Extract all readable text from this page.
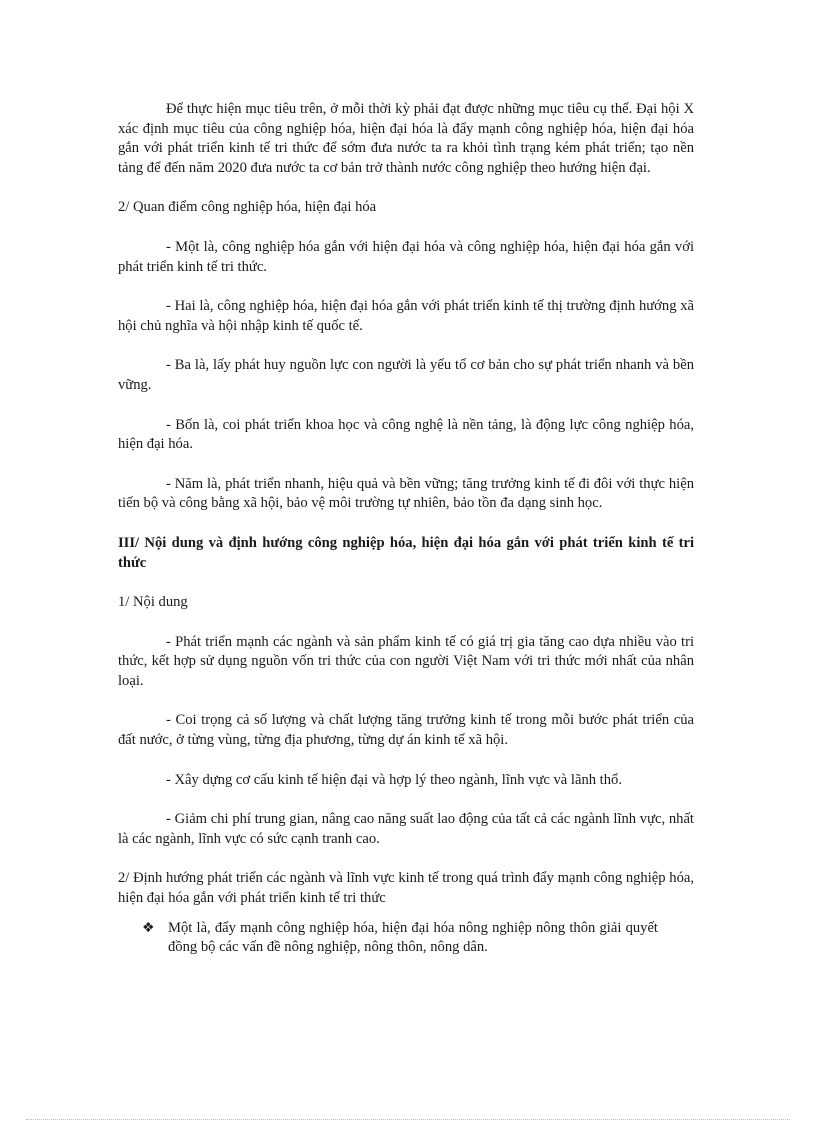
Để thực hiện mục tiêu trên, ở mỗi thời kỳ phải đạt được những mục tiêu cụ thể. Đại hội X xác định mục tiêu của công nghiệp hóa, hiện đại hóa là đẩy mạnh công nghiệp hóa, hiện đại hóa gắn với phát triển kinh tế tri thức để sớm đưa nước ta ra khỏi tình trạng kém phát triển; tạo nền tảng để đến năm 2020 đưa nước ta cơ bản trở thành nước công nghiệp theo hướng hiện đại.

2/ Quan điểm công nghiệp hóa, hiện đại hóa

- Một là, công nghiệp hóa gắn với hiện đại hóa và công nghiệp hóa, hiện đại hóa gắn với phát triển kinh tế tri thức.

- Hai là, công nghiệp hóa, hiện đại hóa gắn với phát triển kinh tế thị trường định hướng xã hội chủ nghĩa và hội nhập kinh tế quốc tế.

- Ba là, lấy phát huy nguồn lực con người là yếu tố cơ bản cho sự phát triển nhanh và bền vững.

- Bốn là, coi phát triển khoa học và công nghệ là nền tảng, là động lực công nghiệp hóa, hiện đại hóa.

- Năm là, phát triển nhanh, hiệu quả và bền vững; tăng trưởng kinh tế đi đôi với thực hiện tiến bộ và công bằng xã hội, bảo vệ môi trường tự nhiên, bảo tồn đa dạng sinh học.

III/ Nội dung và định hướng công nghiệp hóa, hiện đại hóa gắn với phát triển kinh tế tri thức

1/ Nội dung

- Phát triển mạnh các ngành và sản phẩm kinh tế có giá trị gia tăng cao dựa nhiều vào tri thức, kết hợp sử dụng nguồn vốn tri thức của con người Việt Nam với tri thức mới nhất của nhân loại.

- Coi trọng cả số lượng và chất lượng tăng trưởng kinh tế trong mỗi bước phát triển của đất nước, ở từng vùng, từng địa phương, từng dự án kinh tế xã hội.

- Xây dựng cơ cấu kinh tế hiện đại và hợp lý theo ngành, lĩnh vực và lãnh thổ.

- Giảm chi phí trung gian, nâng cao năng suất lao động của tất cả các ngành lĩnh vực, nhất là các ngành, lĩnh vực có sức cạnh tranh cao.

2/ Định hướng phát triển các ngành và lĩnh vực kinh tế trong quá trình đẩy mạnh công nghiệp hóa, hiện đại hóa gắn với phát triển kinh tế tri thức

❖ Một là, đẩy mạnh công nghiệp hóa, hiện đại hóa nông nghiệp nông thôn giải quyết đồng bộ các vấn đề nông nghiệp, nông thôn, nông dân.
